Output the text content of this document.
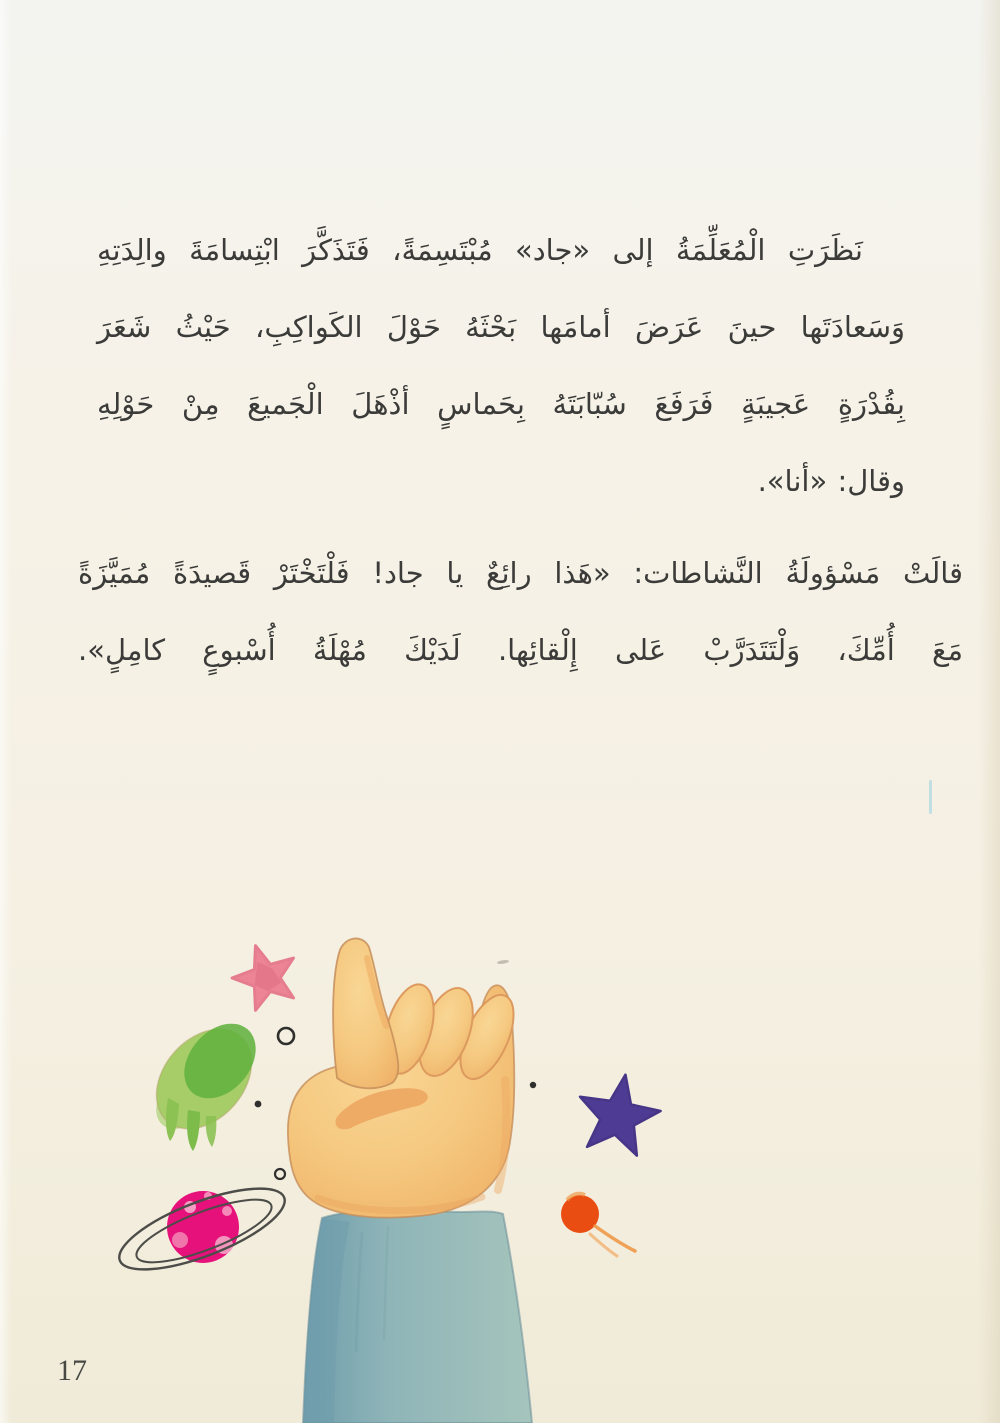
نَظَرَتِ الْمُعَلِّمَةُ إلى «جاد» مُبْتَسِمَةً، فَتَذَكَّرَ ابْتِسامَةَ والِدَتِهِ
وَسَعادَتَها حينَ عَرَضَ أمامَها بَحْثَهُ حَوْلَ الكَواكِبِ، حَيْثُ شَعَرَ
بِقُدْرَةٍ عَجيبَةٍ فَرَفَعَ سُبّابَتَهُ بِحَماسٍ أذْهَلَ الْجَميعَ مِنْ حَوْلِهِ
وقال: «أنا».
قالَتْ مَسْؤولَةُ النَّشاطات: «هَذا رائِعٌ يا جاد! فَلْتَخْتَرْ قَصيدَةً مُمَيَّزَةً
مَعَ أُمِّكَ، وَلْتَتَدَرَّبْ عَلى إِلْقائِها. لَدَيْكَ مُهْلَةُ أُسْبوعٍ كامِلٍ».
17
